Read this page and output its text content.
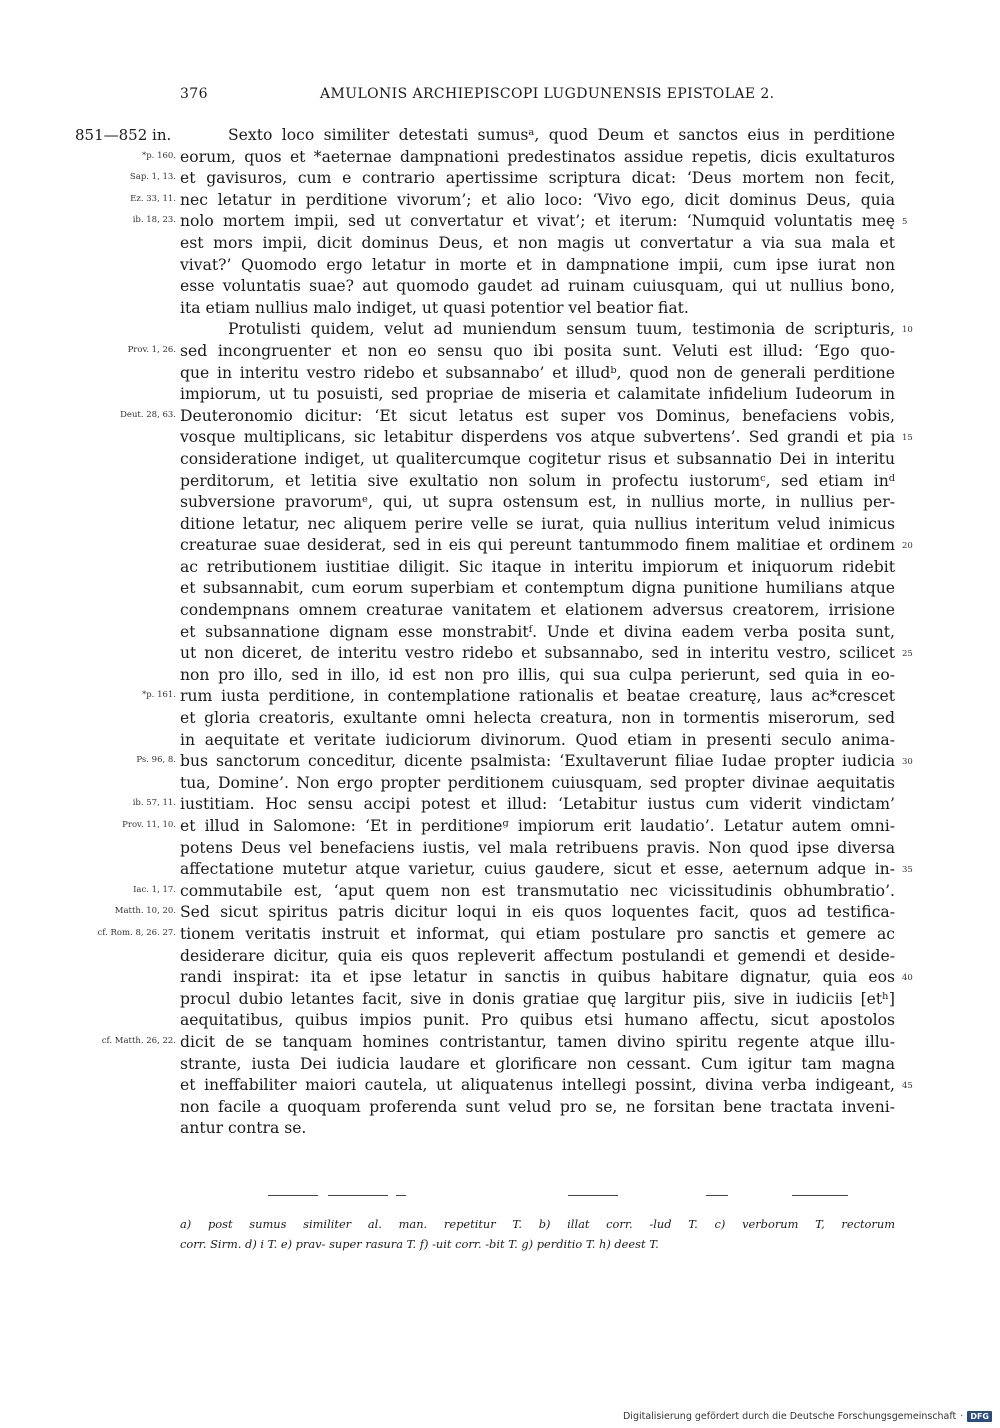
376	AMULONIS ARCHIEPISCOPI LUGDUNENSIS EPISTOLAE 2.
851—852 in.	Sexto loco similiter detestati sumusᵃ, quod Deum et sanctos eius in perditione
*p. 160. eorum, quos et *aeternae dampnationi predestinatos assidue repetis, dicis exultaturos
Sap. 1, 13. et gavisuros, cum e contrario apertissime scriptura dicat: ‘Deus mortem non fecit,
Ez. 33, 11. nec letatur in perditione vivorum’; et alio loco: ‘Vivo ego, dicit dominus Deus, quia
ib. 18, 23. nolo mortem impii, sed ut convertatur et vivat’; et iterum: ‘Numquid voluntatis meę 5
est mors impii, dicit dominus Deus, et non magis ut convertatur a via sua mala et
vivat?’ Quomodo ergo letatur in morte et in dampnatione impii, cum ipse iurat non
esse voluntatis suae? aut quomodo gaudet ad ruinam cuiusquam, qui ut nullius bono,
ita etiam nullius malo indiget, ut quasi potentior vel beatior fiat.
Protulisti quidem, velut ad muniendum sensum tuum, testimonia de scripturis, 10
Prov. 1, 26. sed incongruenter et non eo sensu quo ibi posita sunt. Veluti est illud: ‘Ego quo-
que in interitu vestro ridebo et subsannabo’ et illudᵇ, quod non de generali perditione
impiorum, ut tu posuisti, sed propriae de miseria et calamitate infidelium Iudeorum in
Deut. 28, 63. Deuteronomio dicitur: ‘Et sicut letatus est super vos Dominus, benefaciens vobis,
vosque multiplicans, sic letabitur disperdens vos atque subvertens’. Sed grandi et pia 15
consideratione indiget, ut qualitercumque cogitetur risus et subsannatio Dei in interitu
perditorum, et letitia sive exultatio non solum in profectu iustorumᶜ, sed etiam inᵈ
subversione pravorumᵉ, qui, ut supra ostensum est, in nullius morte, in nullius per-
ditione letatur, nec aliquem perire velle se iurat, quia nullius interitum velud inimicus
creaturae suae desiderat, sed in eis qui pereunt tantummodo finem malitiae et ordinem 20
ac retributionem iustitiae diligit. Sic itaque in interitu impiorum et iniquorum ridebit
et subsannabit, cum eorum superbiam et contemptum digna punitione humilians atque
condempnans omnem creaturae vanitatem et elationem adversus creatorem, irrisione
et subsannatione dignam esse monstrabitᶠ. Unde et divina eadem verba posita sunt,
ut non diceret, de interitu vestro ridebo et subsannabo, sed in interitu vestro, scilicet 25
non pro illo, sed in illo, id est non pro illis, qui sua culpa perierunt, sed quia in eo-
*p. 161. rum iusta perditione, in contemplatione rationalis et beatae creaturę, laus ac*crescet
et gloria creatoris, exultante omni helecta creatura, non in tormentis miserorum, sed
in aequitate et veritate iudiciorum divinorum. Quod etiam in presenti seculo anima-
Ps. 96, 8. bus sanctorum conceditur, dicente psalmista: ‘Exultaverunt filiae Iudae propter iudicia 30
tua, Domine’. Non ergo propter perditionem cuiusquam, sed propter divinae aequitatis
ib. 57, 11. iustitiam. Hoc sensu accipi potest et illud: ‘Letabitur iustus cum viderit vindictam’
Prov. 11, 10. et illud in Salomone: ‘Et in perditioneᵍ impiorum erit laudatio’. Letatur autem omni-
potens Deus vel benefaciens iustis, vel mala retribuens pravis. Non quod ipse diversa
affectatione mutetur atque varietur, cuius gaudere, sicut et esse, aeternum adque in- 35
Iac. 1, 17. commutabile est, ‘aput quem non est transmutatio nec vicissitudinis obhumbratio’.
Matth. 10, 20. Sed sicut spiritus patris dicitur loqui in eis quos loquentes facit, quos ad testifica-
cf. Rom. 8, 26. 27. tionem veritatis instruit et informat, qui etiam postulare pro sanctis et gemere ac
desiderare dicitur, quia eis quos repleverit affectum postulandi et gemendi et deside-
randi inspirat: ita et ipse letatur in sanctis in quibus habitare dignatur, quia eos 40
procul dubio letantes facit, sive in donis gratiae quę largitur piis, sive in iudiciis [etʰ]
aequitatibus, quibus impios punit. Pro quibus etsi humano affectu, sicut apostolos
cf. Matth. 26, 22. dicit de se tanquam homines contristantur, tamen divino spiritu regente atque illu-
strante, iusta Dei iudicia laudare et glorificare non cessant. Cum igitur tam magna
et ineffabiliter maiori cautela, ut aliquatenus intellegi possint, divina verba indigeant, 45
non facile a quoquam proferenda sunt velud pro se, ne forsitan bene tractata inveni-
antur contra se.
a) post sumus similiter al. man. repetitur T. b) illat corr. -lud T. c) verborum T, rectorum
corr. Sirm. d) i T. e) prav- super rasura T. f) -uit corr. -bit T. g) perditio T. h) deest T.
Digitalisierung gefördert durch die Deutsche Forschungsgemeinschaft · DFG
